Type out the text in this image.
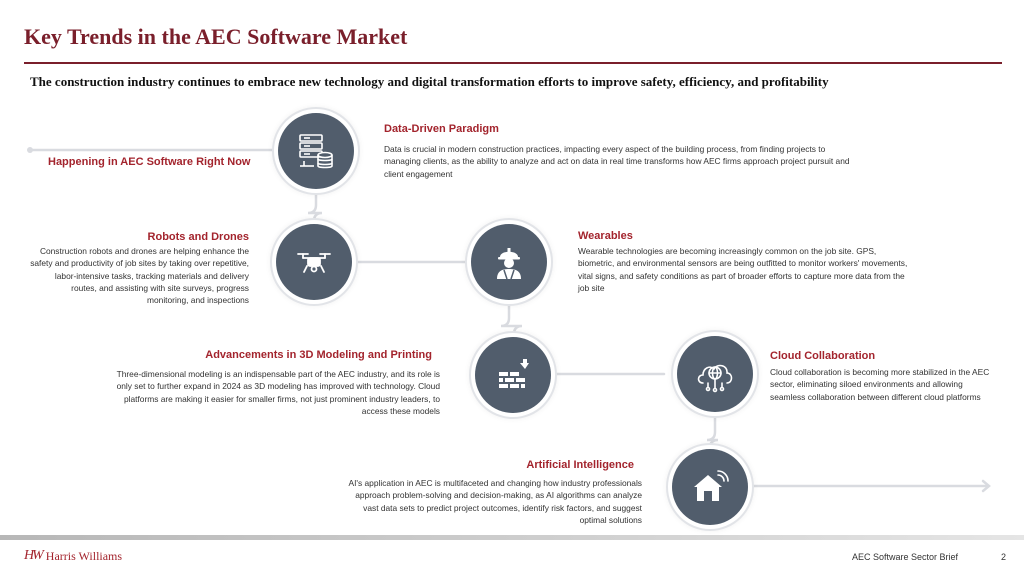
Key Trends in the AEC Software Market
The construction industry continues to embrace new technology and digital transformation efforts to improve safety, efficiency, and profitability
Happening in AEC Software Right Now
Data-Driven Paradigm
Data is crucial in modern construction practices, impacting every aspect of the building process, from finding projects to managing clients, as the ability to analyze and act on data in real time transforms how AEC firms approach project pursuit and client engagement
Robots and Drones
Construction robots and drones are helping enhance the safety and productivity of job sites by taking over repetitive, labor-intensive tasks, tracking materials and delivery routes, and assisting with site surveys, progress monitoring, and inspections
Wearables
Wearable technologies are becoming increasingly common on the job site. GPS, biometric, and environmental sensors are being outfitted to monitor workers' movements, vital signs, and safety conditions as part of broader efforts to capture more data from the job site
Advancements in 3D Modeling and Printing
Three-dimensional modeling is an indispensable part of the AEC industry, and its role is only set to further expand in 2024 as 3D modeling has improved with technology. Cloud platforms are making it easier for smaller firms, not just prominent industry leaders, to access these models
Cloud Collaboration
Cloud collaboration is becoming more stabilized in the AEC sector, eliminating siloed environments and allowing seamless collaboration between different cloud platforms
Artificial Intelligence
AI's application in AEC is multifaceted and changing how industry professionals approach problem-solving and decision-making, as AI algorithms can analyze vast data sets to predict project outcomes, identify risk factors, and suggest optimal solutions
HW Harris Williams	AEC Software Sector Brief	2
